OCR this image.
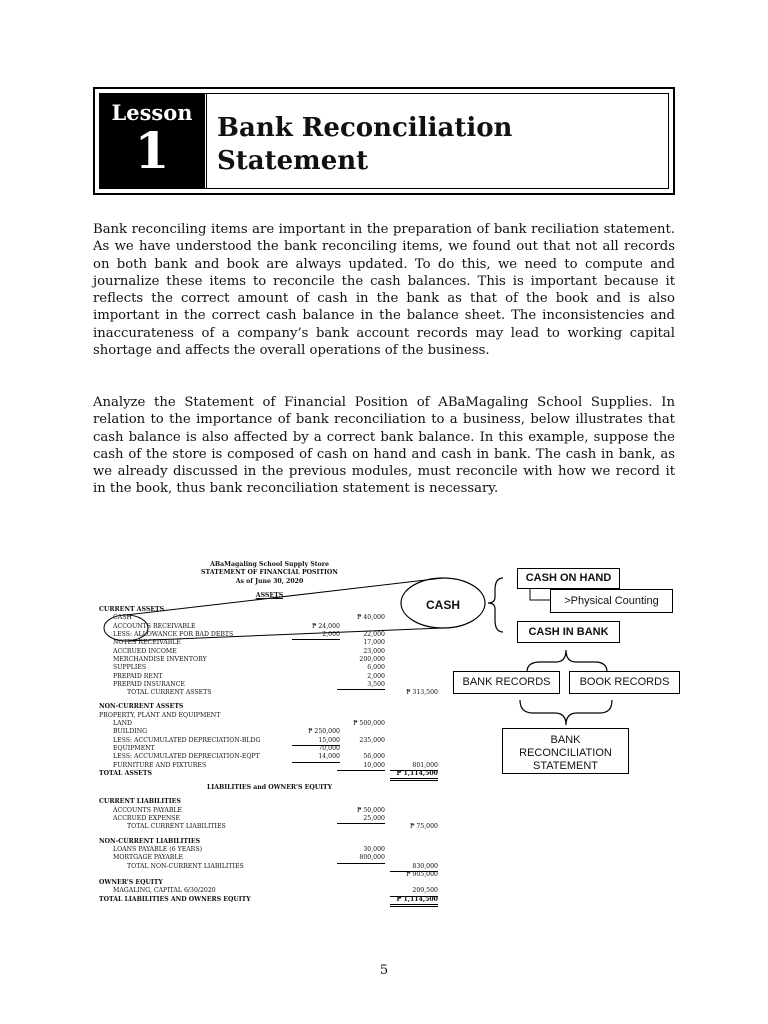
Lesson
1	Bank Reconciliation Statement

Bank reconciling items are important in the preparation of bank reciliation statement. As we have understood the bank reconciling items, we found out that not all records on both bank and book are always updated. To do this, we need to compute and journalize these items to reconcile the cash balances. This is important because it reflects the correct amount of cash in the bank as that of the book and is also important in the correct cash balance in the balance sheet. The inconsistencies and inaccurateness of a company’s bank account records may lead to working capital shortage and affects the overall operations of the business.

Analyze the Statement of Financial Position of ABaMagaling School Supplies. In relation to the importance of bank reconciliation to a business, below illustrates that cash balance is also affected by a correct bank balance. In this example, suppose the cash of the store is composed of cash on hand and cash in bank. The cash in bank, as we already discussed in the previous modules, must reconcile with how we record it in the book, thus bank reconciliation statement is necessary.

CASH
CASH ON HAND
>Physical Counting
CASH IN BANK
BANK RECORDS	BOOK RECORDS
BANK RECONCILIATION STATEMENT
ABaMagaling School Supply Store
STATEMENT OF FINANCIAL POSITION
As of June 30, 2020
ASSETS
CURRENT ASSETS
CASH	₱ 40,000
ACCOUNTS RECEIVABLE	₱ 24,000
LESS: ALLOWANCE FOR BAD DEBTS	2,000	22,000
NOTES RECEIVABLE	17,000
ACCRUED INCOME	23,000
MERCHANDISE INVENTORY	200,000
SUPPLIES	6,000
PREPAID RENT	2,000
PREPAID INSURANCE	3,500
TOTAL CURRENT ASSETS	₱ 313,500
NON-CURRENT ASSETS
PROPERTY, PLANT AND EQUIPMENT
LAND	₱ 500,000
BUILDING	₱ 250,000
LESS: ACCUMULATED DEPRECIATION-BLDG	15,000	235,000
EQUIPMENT	70,000
LESS: ACCUMULATED DEPRECIATION-EQPT	14,000	56,000
FURNITURE AND FIXTURES	10,000	801,000
TOTAL ASSETS	₱ 1,114,500
LIABILITIES and OWNER’S EQUITY
CURRENT LIABILITIES
ACCOUNTS PAYABLE	₱ 50,000
ACCRUED EXPENSE	25,000
TOTAL CURRENT LIABILITIES	₱ 75,000
NON-CURRENT LIABILITIES
LOANS PAYABLE (6 YEARS)	30,000
MORTGAGE PAYABLE	800,000
TOTAL NON-CURRENT LIABILITIES	830,000
₱ 905,000
OWNER’S EQUITY
MAGALING, CAPITAL 6/30/2020	209,500
TOTAL LIABILITIES AND OWNERS EQUITY	₱ 1,114,500
5
